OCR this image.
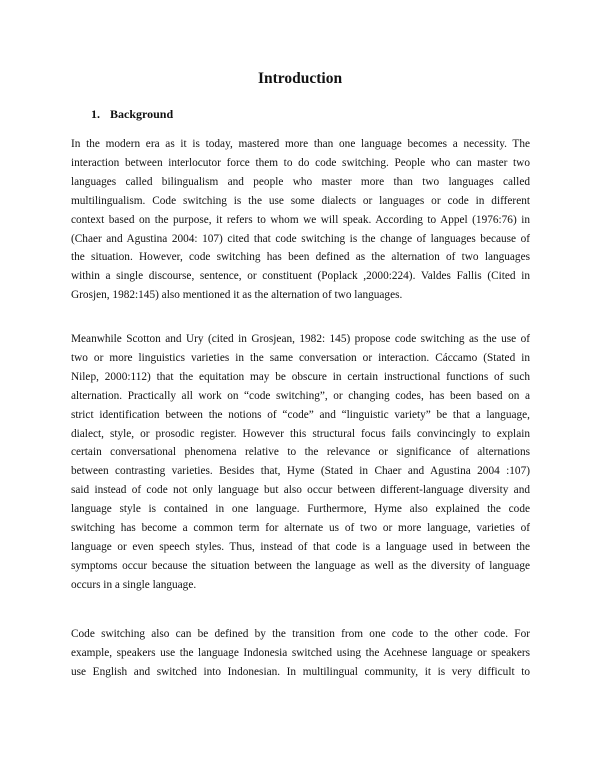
Introduction
1. Background

In the modern era as it is today, mastered more than one language becomes a necessity. The
interaction between interlocutor force them to do code switching. People who can master two
languages called bilingualism and people who master more than two languages called
multilingualism. Code switching is the use some dialects or languages or code in different
context based on the purpose, it refers to whom we will speak. According to Appel (1976:76) in
(Chaer and Agustina 2004: 107) cited that code switching is the change of languages because of
the situation. However, code switching has been defined as the alternation of two languages
within a single discourse, sentence, or constituent (Poplack ,2000:224). Valdes Fallis (Cited in
Grosjen, 1982:145) also mentioned it as the alternation of two languages.

Meanwhile Scotton and Ury (cited in Grosjean, 1982: 145) propose code switching as the use of
two or more linguistics varieties in the same conversation or interaction. Cáccamo (Stated in
Nilep, 2000:112) that the equitation may be obscure in certain instructional functions of such
alternation. Practically all work on “code switching”, or changing codes, has been based on a
strict identification between the notions of “code” and “linguistic variety” be that a language,
dialect, style, or prosodic register. However this structural focus fails convincingly to explain
certain conversational phenomena relative to the relevance or significance of alternations
between contrasting varieties. Besides that, Hyme (Stated in Chaer and Agustina 2004 :107)
said instead of code not only language but also occur between different-language diversity and
language style is contained in one language. Furthermore, Hyme also explained the code
switching has become a common term for alternate us of two or more language, varieties of
language or even speech styles. Thus, instead of that code is a language used in between the
symptoms occur because the situation between the language as well as the diversity of language
occurs in a single language.

Code switching also can be defined by the transition from one code to the other code. For
example, speakers use the language Indonesia switched using the Acehnese language or speakers
use English and switched into Indonesian. In multilingual community, it is very difficult to
